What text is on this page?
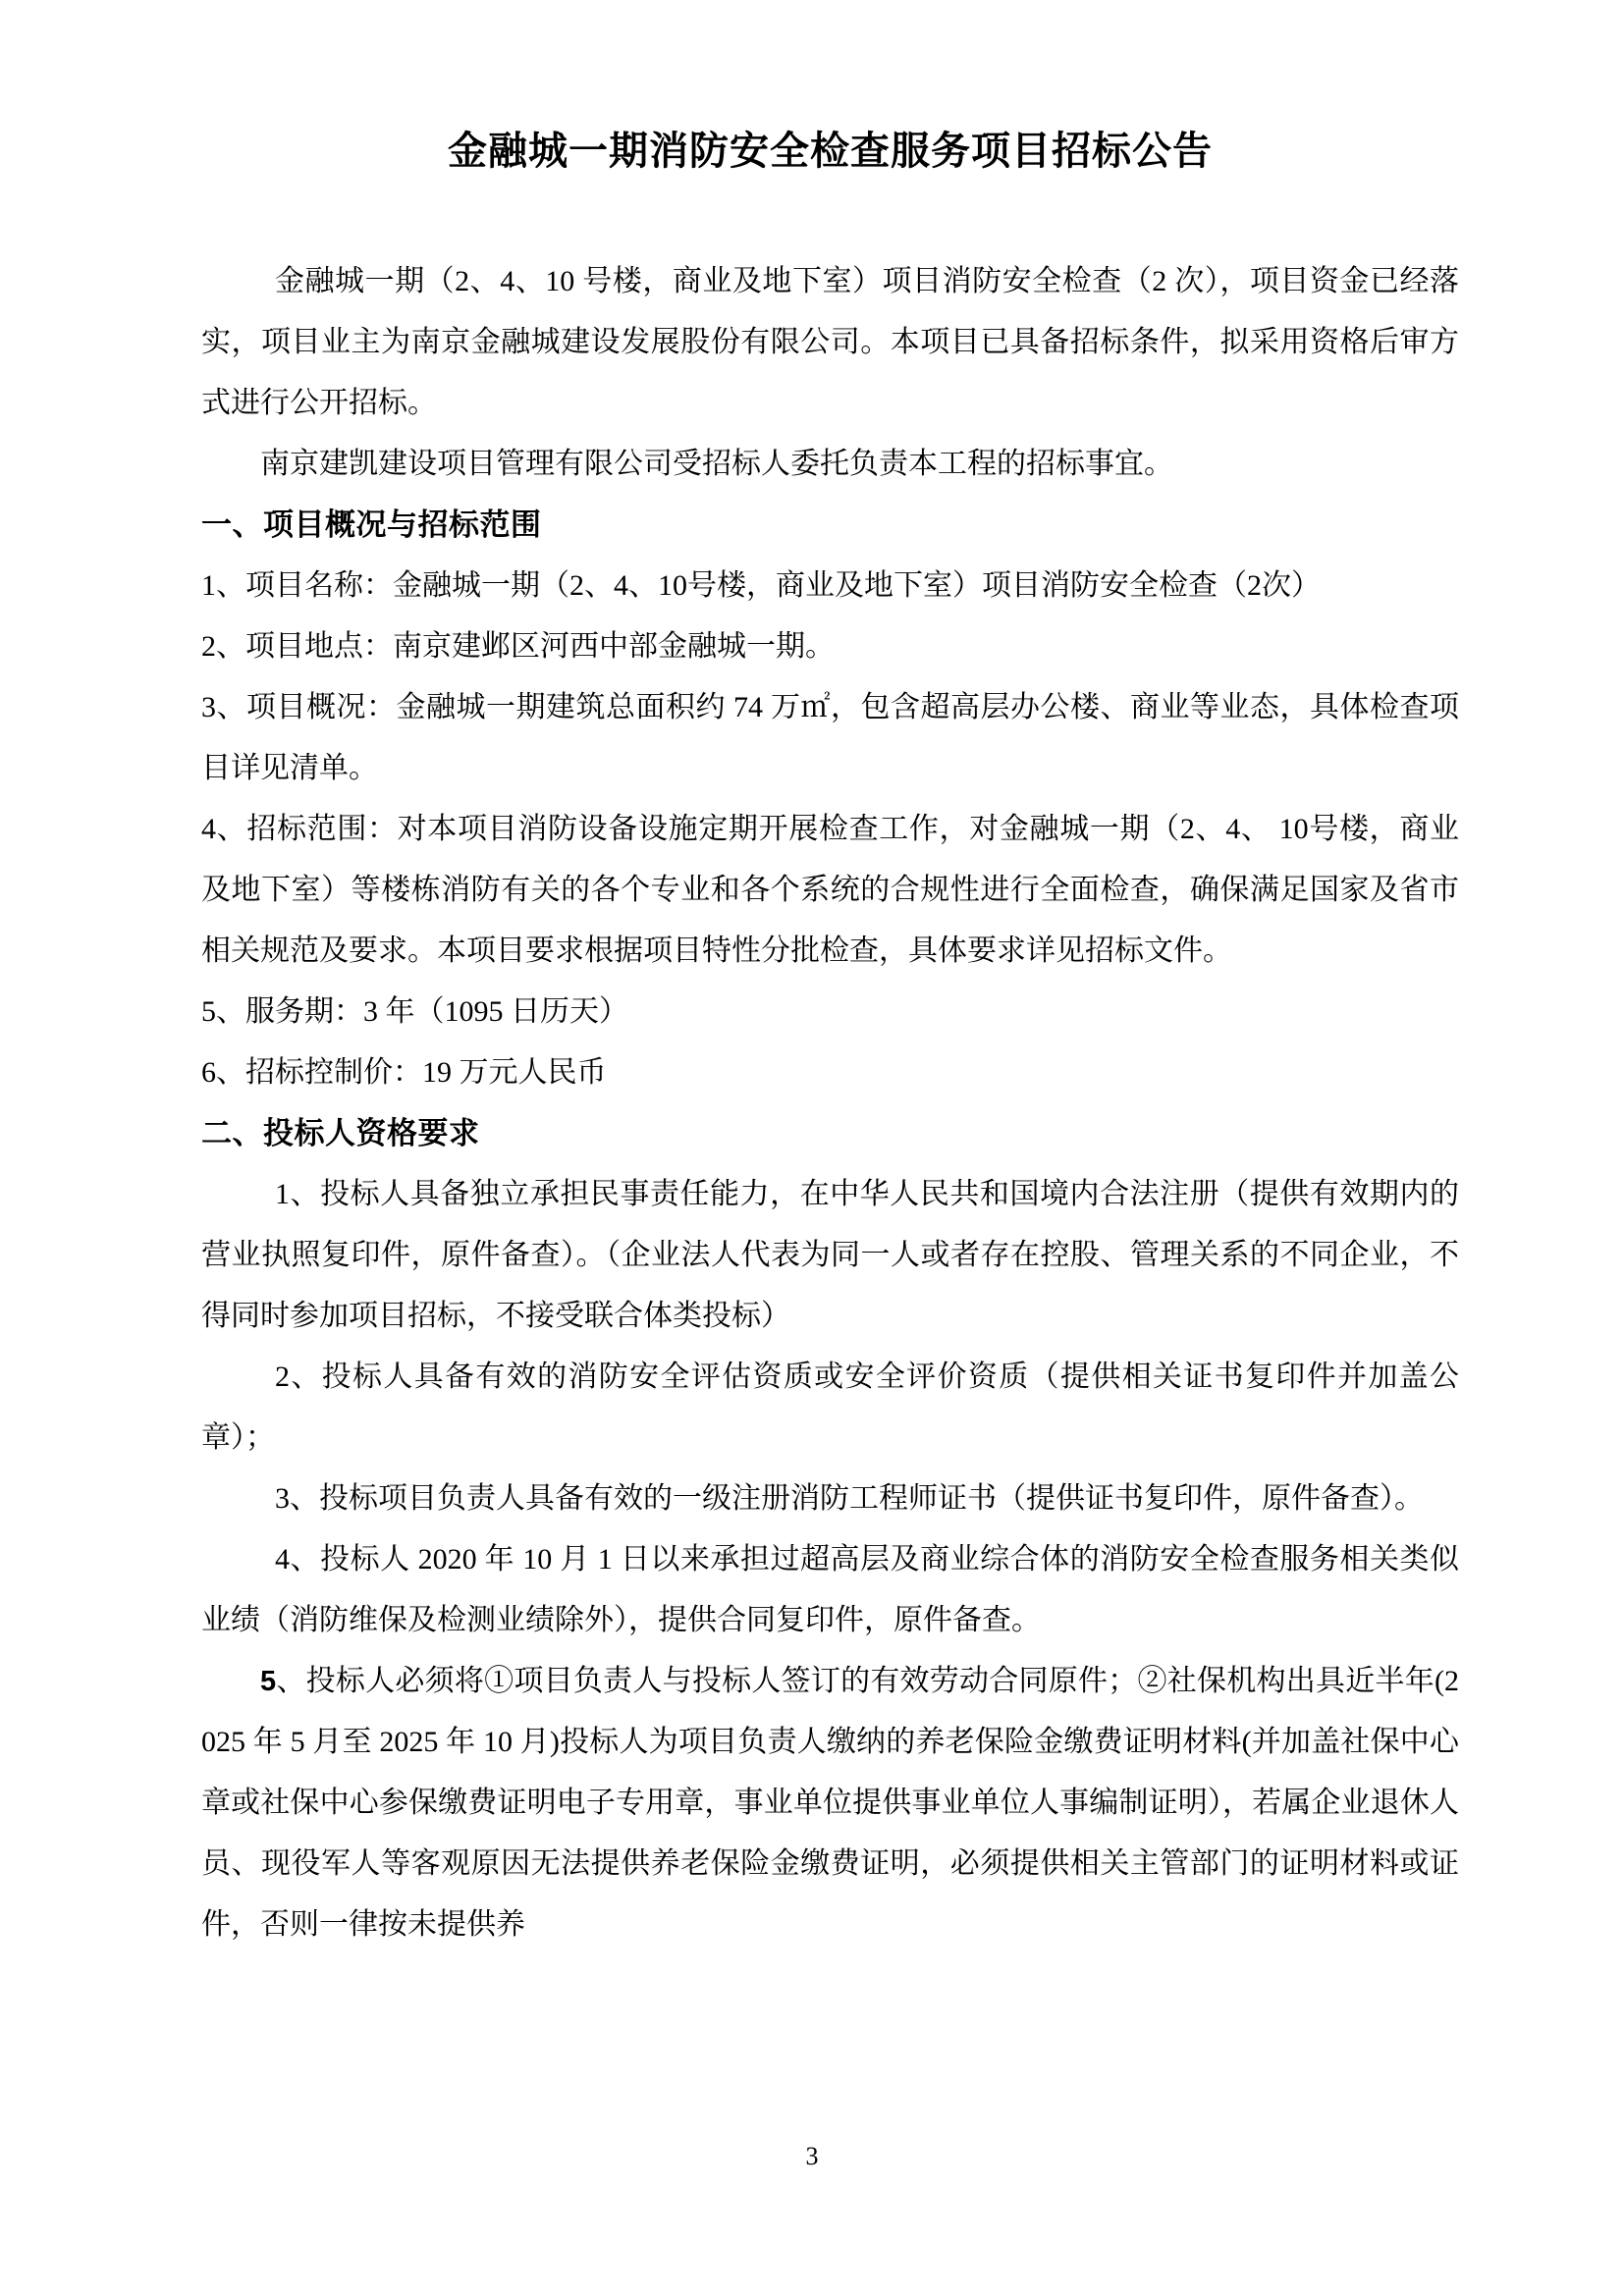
金融城一期消防安全检查服务项目招标公告

金融城一期（2、4、10 号楼，商业及地下室）项目消防安全检查（2 次），项目资金已经落实，项目业主为南京金融城建设发展股份有限公司。本项目已具备招标条件，拟采用资格后审方式进行公开招标。

南京建凯建设项目管理有限公司受招标人委托负责本工程的招标事宜。

一、项目概况与招标范围

1、项目名称：金融城一期（2、4、10号楼，商业及地下室）项目消防安全检查（2次）

2、项目地点：南京建邺区河西中部金融城一期。

3、项目概况：金融城一期建筑总面积约 74 万㎡，包含超高层办公楼、商业等业态，具体检查项目详见清单。

4、招标范围：对本项目消防设备设施定期开展检查工作，对金融城一期（2、4、 10号楼，商业及地下室）等楼栋消防有关的各个专业和各个系统的合规性进行全面检查，确保满足国家及省市相关规范及要求。本项目要求根据项目特性分批检查，具体要求详见招标文件。

5、服务期：3 年（1095 日历天）

6、招标控制价：19 万元人民币

二、投标人资格要求

1、投标人具备独立承担民事责任能力，在中华人民共和国境内合法注册（提供有效期内的营业执照复印件，原件备查）。（企业法人代表为同一人或者存在控股、管理关系的不同企业，不得同时参加项目招标，不接受联合体类投标）

2、投标人具备有效的消防安全评估资质或安全评价资质（提供相关证书复印件并加盖公章）；

3、投标项目负责人具备有效的一级注册消防工程师证书（提供证书复印件，原件备查）。

4、投标人 2020 年 10 月 1 日以来承担过超高层及商业综合体的消防安全检查服务相关类似业绩（消防维保及检测业绩除外），提供合同复印件，原件备查。

5、投标人必须将①项目负责人与投标人签订的有效劳动合同原件；②社保机构出具近半年(2025 年 5 月至 2025 年 10 月)投标人为项目负责人缴纳的养老保险金缴费证明材料(并加盖社保中心章或社保中心参保缴费证明电子专用章，事业单位提供事业单位人事编制证明），若属企业退休人员、现役军人等客观原因无法提供养老保险金缴费证明，必须提供相关主管部门的证明材料或证件，否则一律按未提供养

3
